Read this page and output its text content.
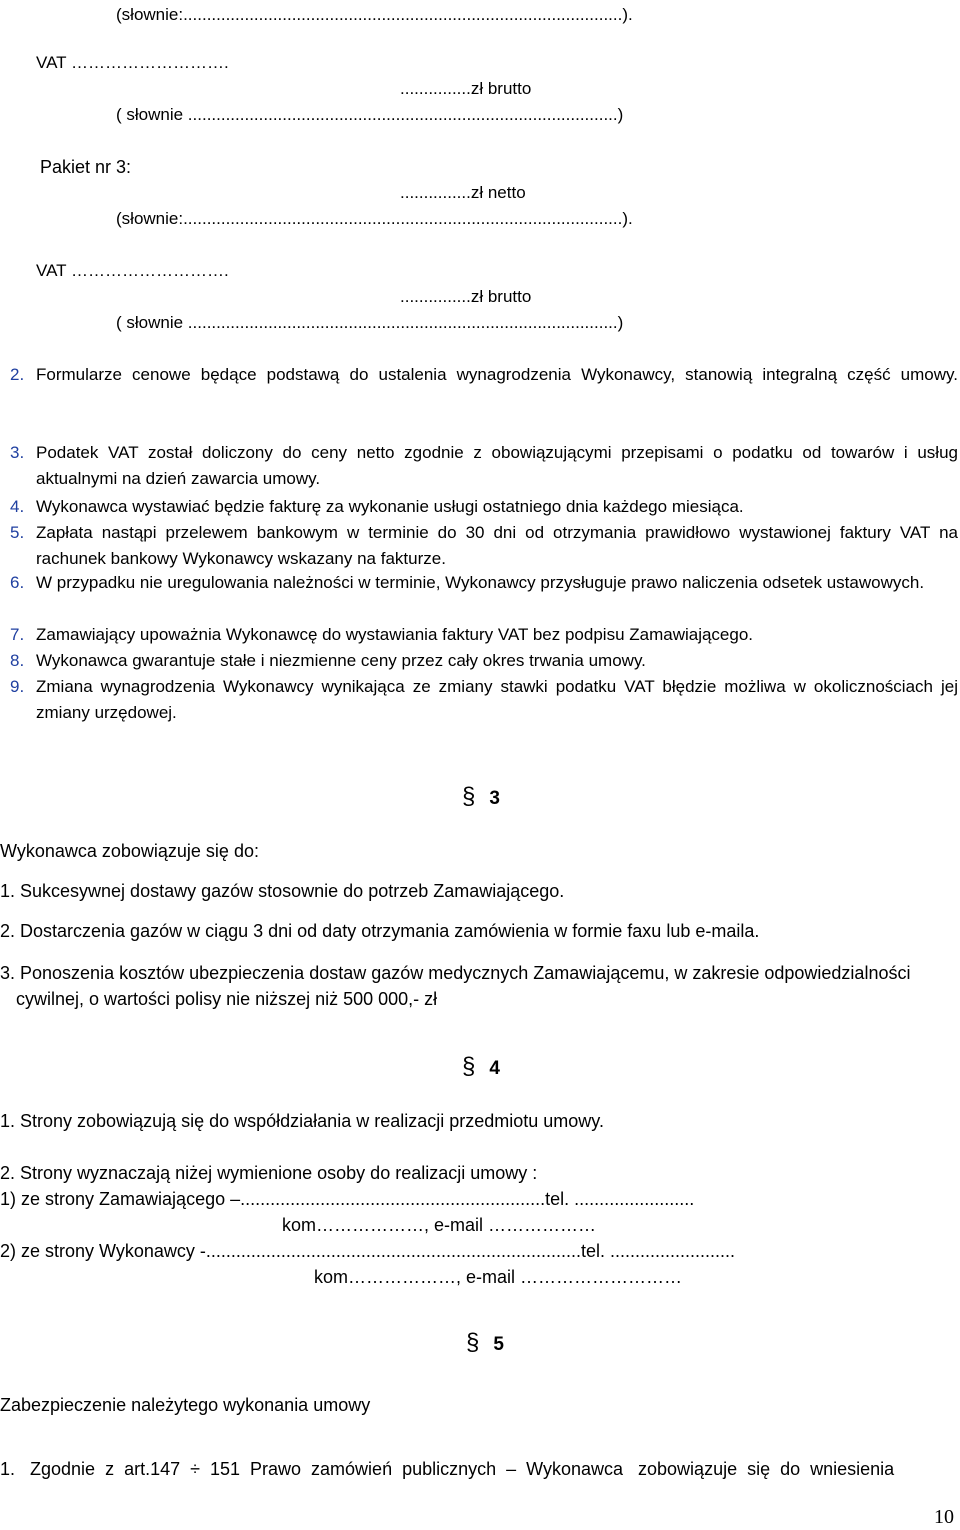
(słownie:.............................................................................................).
VAT ……………………….
...............zł brutto
( słownie ...........................................................................................)
Pakiet nr 3:
...............zł netto
(słownie:.............................................................................................).
VAT ……………………….
...............zł brutto
( słownie ...........................................................................................)
2. Formularze cenowe będące podstawą do ustalenia wynagrodzenia Wykonawcy, stanowią integralną część umowy.
3. Podatek VAT został doliczony do ceny netto zgodnie z obowiązującymi przepisami o podatku od towarów i usług aktualnymi na dzień zawarcia umowy.
4. Wykonawca wystawiać będzie fakturę za wykonanie usługi ostatniego dnia każdego miesiąca.
5. Zapłata nastąpi przelewem bankowym w terminie do 30 dni od otrzymania prawidłowo wystawionej faktury VAT na rachunek bankowy Wykonawcy wskazany na fakturze.
6. W przypadku nie uregulowania należności w terminie, Wykonawcy przysługuje prawo naliczenia odsetek ustawowych.
7. Zamawiający upoważnia Wykonawcę do wystawiania faktury VAT bez podpisu Zamawiającego.
8. Wykonawca gwarantuje stałe i niezmienne ceny przez cały okres trwania umowy.
9. Zmiana wynagrodzenia Wykonawcy wynikająca ze zmiany stawki podatku VAT błędzie możliwa w okolicznościach jej zmiany urzędowej.
§ 3
Wykonawca zobowiązuje się do:
1. Sukcesywnej dostawy gazów stosownie do potrzeb Zamawiającego.
2. Dostarczenia gazów w ciągu 3 dni od daty otrzymania zamówienia w formie faxu lub e-maila.
3. Ponoszenia kosztów ubezpieczenia dostaw gazów medycznych Zamawiającemu, w zakresie odpowiedzialności
cywilnej, o wartości polisy nie niższej niż 500 000,- zł
§ 4
1. Strony zobowiązują się do współdziałania w realizacji przedmiotu umowy.
2. Strony wyznaczają niżej wymienione osoby do realizacji umowy :
1) ze strony Zamawiającego –.............................................................tel. ........................
kom………………, e-mail ………………
2) ze strony Wykonawcy -...........................................................................tel. .........................
kom………………, e-mail ………………………
§ 5
Zabezpieczenie należytego wykonania umowy
1.   Zgodnie  z  art.147  ÷  151  Prawo  zamówień  publicznych  –  Wykonawca   zobowiązuje  się  do  wniesienia
10
